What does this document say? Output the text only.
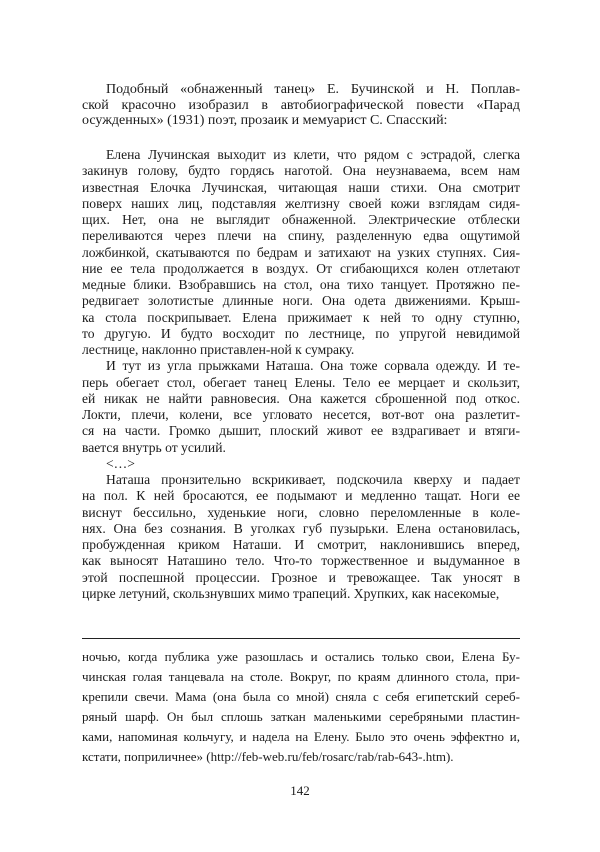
Подобный «обнаженный танец» Е. Бучинской и Н. Поплав-
ской красочно изобразил в автобиографической повести «Парад
осужденных» (1931) поэт, прозаик и мемуарист С. Спасский:
Елена Лучинская выходит из клети, что рядом с эстрадой, слегка
закинув голову, будто гордясь наготой. Она неузнаваема, всем нам
известная Елочка Лучинская, читающая наши стихи. Она смотрит
поверх наших лиц, подставляя желтизну своей кожи взглядам сидя-
щих. Нет, она не выглядит обнаженной. Электрические отблески
переливаются через плечи на спину, разделенную едва ощутимой
ложбинкой, скатываются по бедрам и затихают на узких ступнях. Сия-
ние ее тела продолжается в воздух. От сгибающихся колен отлетают
медные блики. Взобравшись на стол, она тихо танцует. Протяжно пе-
редвигает золотистые длинные ноги. Она одета движениями. Крыш-
ка стола поскрипывает. Елена прижимает к ней то одну ступню,
то другую. И будто восходит по лестнице, по упругой невидимой
лестнице, наклонно приставлен-ной к сумраку.
И тут из угла прыжками Наташа. Она тоже сорвала одежду. И те-
перь обегает стол, обегает танец Елены. Тело ее мерцает и скользит,
ей никак не найти равновесия. Она кажется сброшенной под откос.
Локти, плечи, колени, все угловато несется, вот-вот она разлетит-
ся на части. Громко дышит, плоский живот ее вздрагивает и втяги-
вается внутрь от усилий.
<…>
Наташа пронзительно вскрикивает, подскочила кверху и падает
на пол. К ней бросаются, ее подымают и медленно тащат. Ноги ее
виснут бессильно, худенькие ноги, словно переломленные в коле-
нях. Она без сознания. В уголках губ пузырьки. Елена остановилась,
пробужденная криком Наташи. И смотрит, наклонившись вперед,
как выносят Наташино тело. Что-то торжественное и выдуманное в
этой поспешной процессии. Грозное и тревожащее. Так уносят в
цирке летуний, скользнувших мимо трапеций. Хрупких, как насекомые,
ночью, когда публика уже разошлась и остались только свои, Елена Бу-
чинская голая танцевала на столе. Вокруг, по краям длинного стола, при-
крепили свечи. Мама (она была со мной) сняла с себя египетский сереб-
ряный шарф. Он был сплошь заткан маленькими серебряными пластин-
ками, напоминая кольчугу, и надела на Елену. Было это очень эффектно и,
кстати, поприличнее» (http://feb-web.ru/feb/rosarc/rab/rab-643-.htm).
142
